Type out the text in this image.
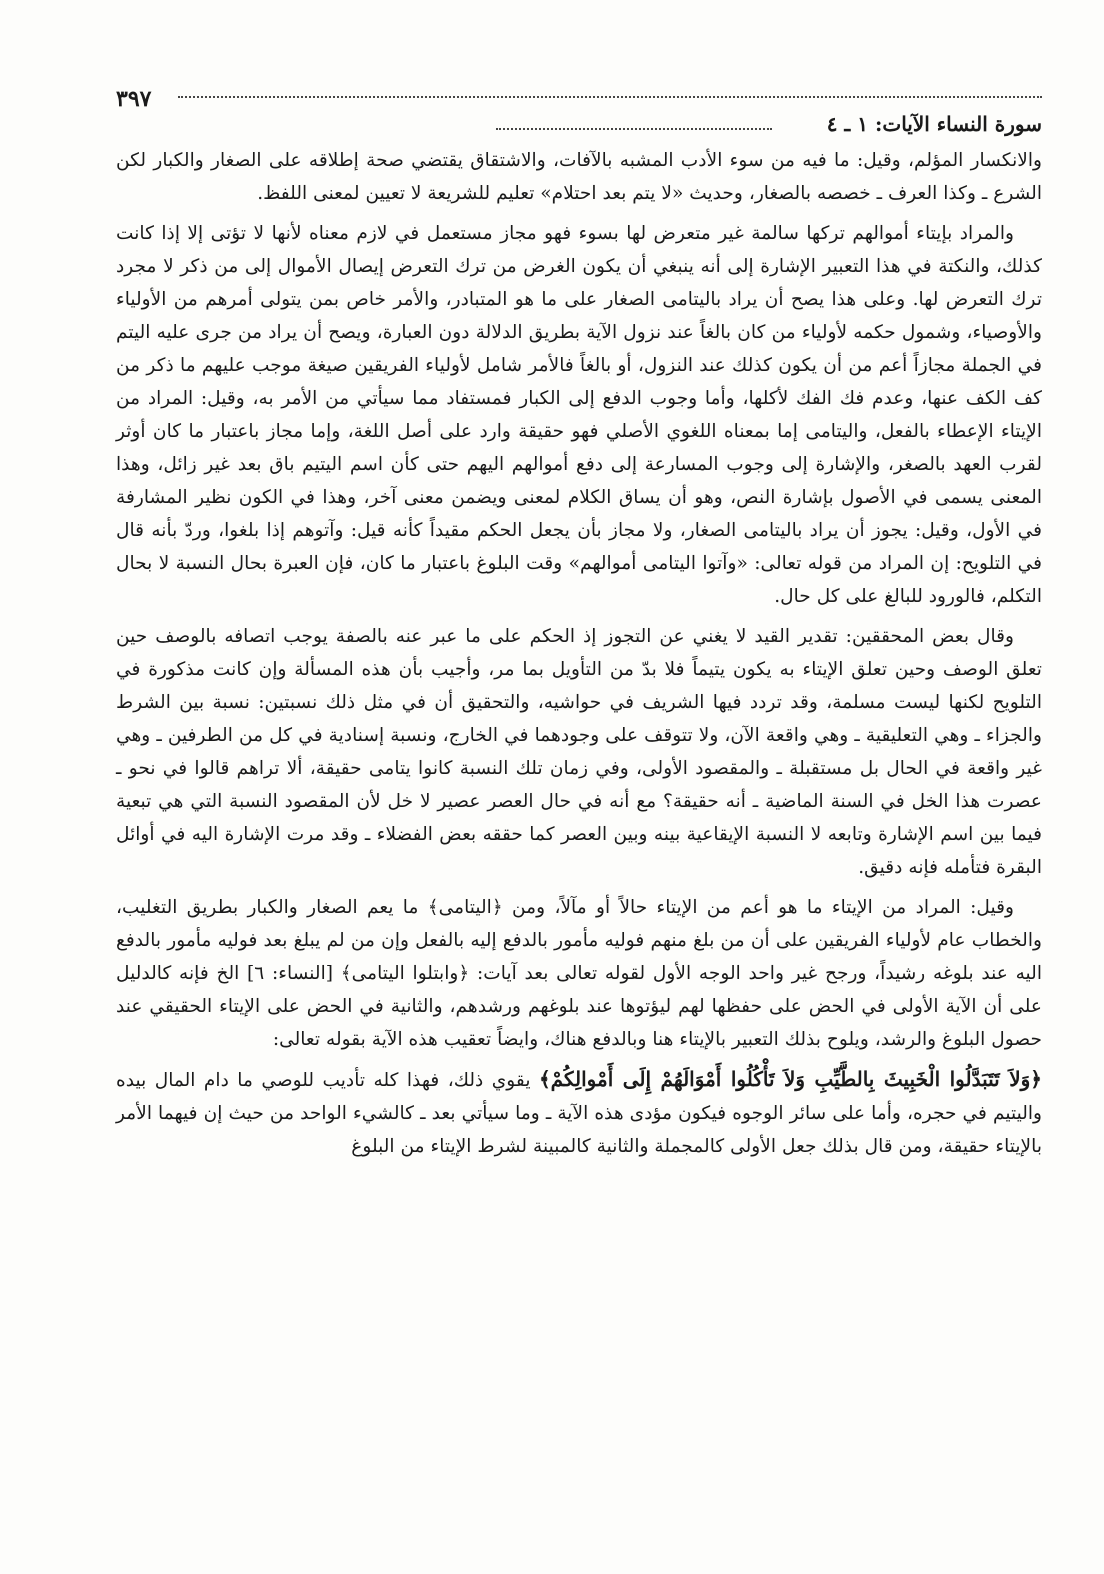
٣٩٧
سورة النساء الآيات: ١ ـ ٤

والانكسار المؤلم، وقيل: ما فيه من سوء الأدب المشبه بالآفات، والاشتقاق يقتضي صحة إطلاقه على الصغار والكبار لكن الشرع ـ وكذا العرف ـ خصصه بالصغار، وحديث «لا يتم بعد احتلام» تعليم للشريعة لا تعيين لمعنى اللفظ.

والمراد بإيتاء أموالهم تركها سالمة غير متعرض لها بسوء فهو مجاز مستعمل في لازم معناه لأنها لا تؤتى إلا إذا كانت كذلك، والنكتة في هذا التعبير الإشارة إلى أنه ينبغي أن يكون الغرض من ترك التعرض إيصال الأموال إلى من ذكر لا مجرد ترك التعرض لها. وعلى هذا يصح أن يراد باليتامى الصغار على ما هو المتبادر، والأمر خاص بمن يتولى أمرهم من الأولياء والأوصياء، وشمول حكمه لأولياء من كان بالغاً عند نزول الآية بطريق الدلالة دون العبارة، ويصح أن يراد من جرى عليه اليتم في الجملة مجازاً أعم من أن يكون كذلك عند النزول، أو بالغاً فالأمر شامل لأولياء الفريقين صيغة موجب عليهم ما ذكر من كف الكف عنها، وعدم فك الفك لأكلها، وأما وجوب الدفع إلى الكبار فمستفاد مما سيأتي من الأمر به، وقيل: المراد من الإيتاء الإعطاء بالفعل، واليتامى إما بمعناه اللغوي الأصلي فهو حقيقة وارد على أصل اللغة، وإما مجاز باعتبار ما كان أوثر لقرب العهد بالصغر، والإشارة إلى وجوب المسارعة إلى دفع أموالهم اليهم حتى كأن اسم اليتيم باق بعد غير زائل، وهذا المعنى يسمى في الأصول بإشارة النص، وهو أن يساق الكلام لمعنى ويضمن معنى آخر، وهذا في الكون نظير المشارفة في الأول، وقيل: يجوز أن يراد باليتامى الصغار، ولا مجاز بأن يجعل الحكم مقيداً كأنه قيل: وآتوهم إذا بلغوا، وردّ بأنه قال في التلويح: إن المراد من قوله تعالى: «وآتوا اليتامى أموالهم» وقت البلوغ باعتبار ما كان، فإن العبرة بحال النسبة لا بحال التكلم، فالورود للبالغ على كل حال.

وقال بعض المحققين: تقدير القيد لا يغني عن التجوز إذ الحكم على ما عبر عنه بالصفة يوجب اتصافه بالوصف حين تعلق الوصف وحين تعلق الإيتاء به يكون يتيماً فلا بدّ من التأويل بما مر، وأجيب بأن هذه المسألة وإن كانت مذكورة في التلويح لكنها ليست مسلمة، وقد تردد فيها الشريف في حواشيه، والتحقيق أن في مثل ذلك نسبتين: نسبة بين الشرط والجزاء ـ وهي التعليقية ـ وهي واقعة الآن، ولا تتوقف على وجودهما في الخارج، ونسبة إسنادية في كل من الطرفين ـ وهي غير واقعة في الحال بل مستقبلة ـ والمقصود الأولى، وفي زمان تلك النسبة كانوا يتامى حقيقة، ألا تراهم قالوا في نحو ـ عصرت هذا الخل في السنة الماضية ـ أنه حقيقة؟ مع أنه في حال العصر عصير لا خل لأن المقصود النسبة التي هي تبعية فيما بين اسم الإشارة وتابعه لا النسبة الإيقاعية بينه وبين العصر كما حققه بعض الفضلاء ـ وقد مرت الإشارة اليه في أوائل البقرة فتأمله فإنه دقيق.

وقيل: المراد من الإيتاء ما هو أعم من الإيتاء حالاً أو مآلاً، ومن ﴿اليتامى﴾ ما يعم الصغار والكبار بطريق التغليب، والخطاب عام لأولياء الفريقين على أن من بلغ منهم فوليه مأمور بالدفع إليه بالفعل وإن من لم يبلغ بعد فوليه مأمور بالدفع اليه عند بلوغه رشيداً، ورجح غير واحد الوجه الأول لقوله تعالى بعد آيات: ﴿وابتلوا اليتامى﴾ [النساء: ٦] الخ فإنه كالدليل على أن الآية الأولى في الحض على حفظها لهم ليؤتوها عند بلوغهم ورشدهم، والثانية في الحض على الإيتاء الحقيقي عند حصول البلوغ والرشد، ويلوح بذلك التعبير بالإيتاء هنا وبالدفع هناك، وايضاً تعقيب هذه الآية بقوله تعالى:

﴿وَلاَ تَتَبَدَّلُوا الْخَبِيثَ بِالطَّيِّبِ وَلاَ تَأْكُلُوا أَمْوَالَهُمْ إِلَى أَمْوالِكُمْ﴾ يقوي ذلك، فهذا كله تأديب للوصي ما دام المال بيده واليتيم في حجره، وأما على سائر الوجوه فيكون مؤدى هذه الآية ـ وما سيأتي بعد ـ كالشيء الواحد من حيث إن فيهما الأمر بالإيتاء حقيقة، ومن قال بذلك جعل الأولى كالمجملة والثانية كالمبينة لشرط الإيتاء من البلوغ
